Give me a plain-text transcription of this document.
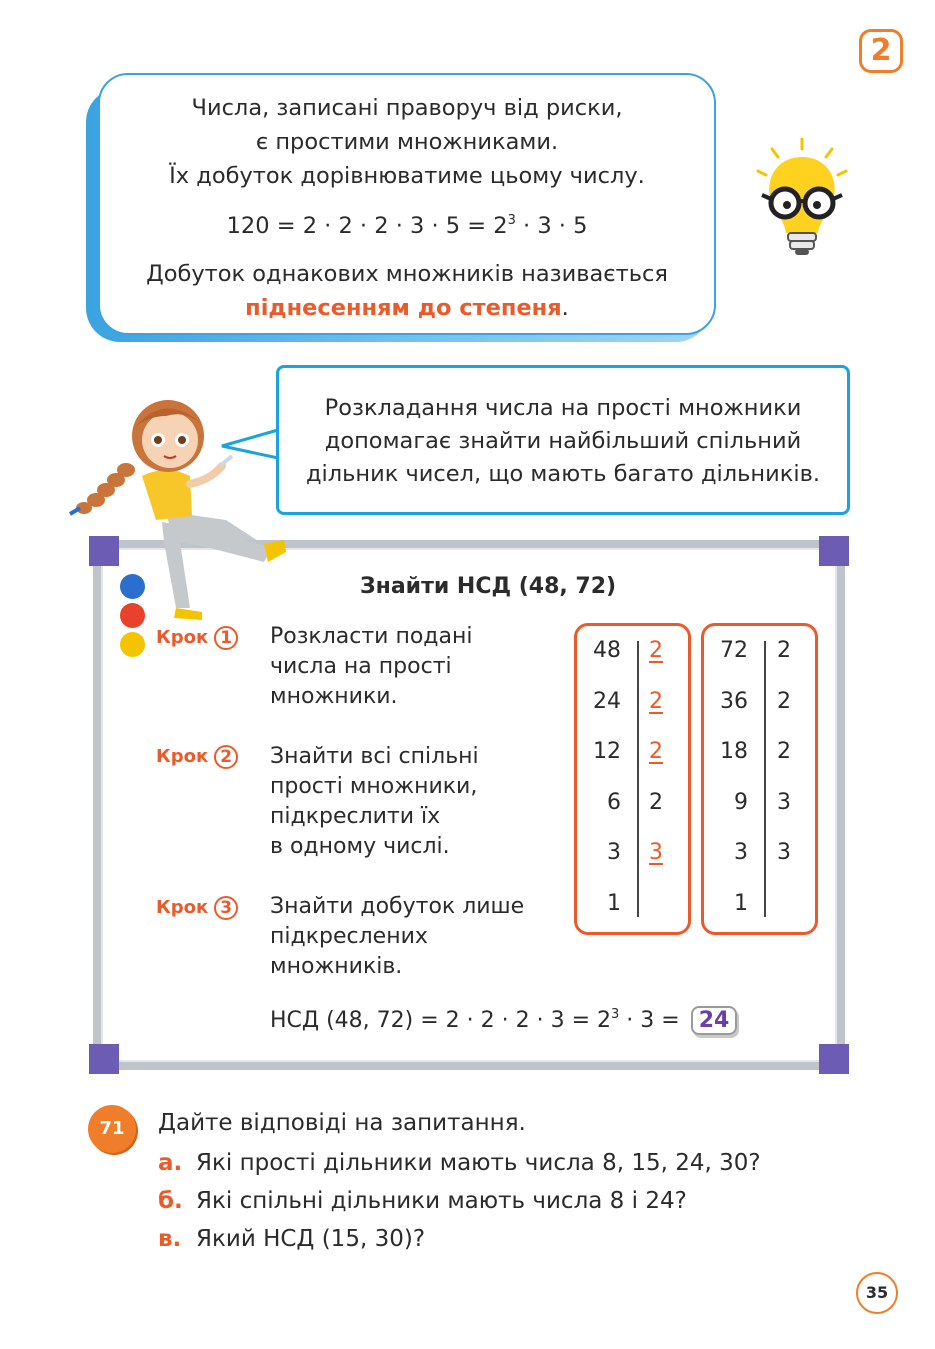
2

Числа, записані праворуч від риски,

є простими множниками.

Їх добуток дорівнюватиме цьому числу.

$120 = 2 \cdot 2 \cdot 2 \cdot 3 \cdot 5 = 2^3 \cdot 3 \cdot 5$

Добуток однакових множників називається

піднесенням до степеня.

Розкладання числа на прості множники

допомагає знайти найбільший спільний

дільник чисел, що мають багато дільників.

Знайти НСД (48, 72)
Крок 1 Розкласти подані
числа на прості
множники.
Крок 2 Знайти всі спільні
прості множники,
підкреслити їх
в одному числі.
Крок 3 Знайти добуток лише
підкреслених
множників.
48 2
24 2
12 2
6 2
3 3
1
72 2
36 2
18 2
9 3
3 3
1
НСД (48, $72) = 2 \cdot 2 \cdot 2 \cdot 3 = 2^3 \cdot 3 = 24$
71	Дайте відповіді на запитання.
а. Які прості дільники мають числа 8, 15, 24, 30?
б. Які спільні дільники мають числа 8 і 24?
в. Який НСД (15, 30)?
35
